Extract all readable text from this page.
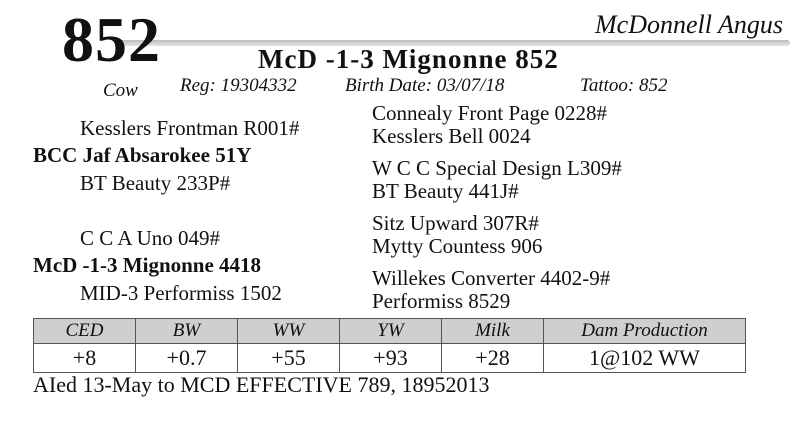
852	McDonnell Angus
McD -1-3 Mignonne 852
Cow Reg: 19304332	Birth Date: 03/07/18	Tattoo: 852
Kesslers Frontman R001#
BCC Jaf Absarokee 51Y
BT Beauty 233P#
C C A Uno 049#
McD -1-3 Mignonne 4418
MID-3 Performiss 1502
Connealy Front Page 0228#
Kesslers Bell 0024
W C C Special Design L309#
BT Beauty 441J#
Sitz Upward 307R#
Mytty Countess 906
Willekes Converter 4402-9#
Performiss 8529
CED	BW	WW	YW	Milk	Dam Production
+8	+0.7	+55	+93	+28	1@102 WW
AIed 13-May to MCD EFFECTIVE 789, 18952013
